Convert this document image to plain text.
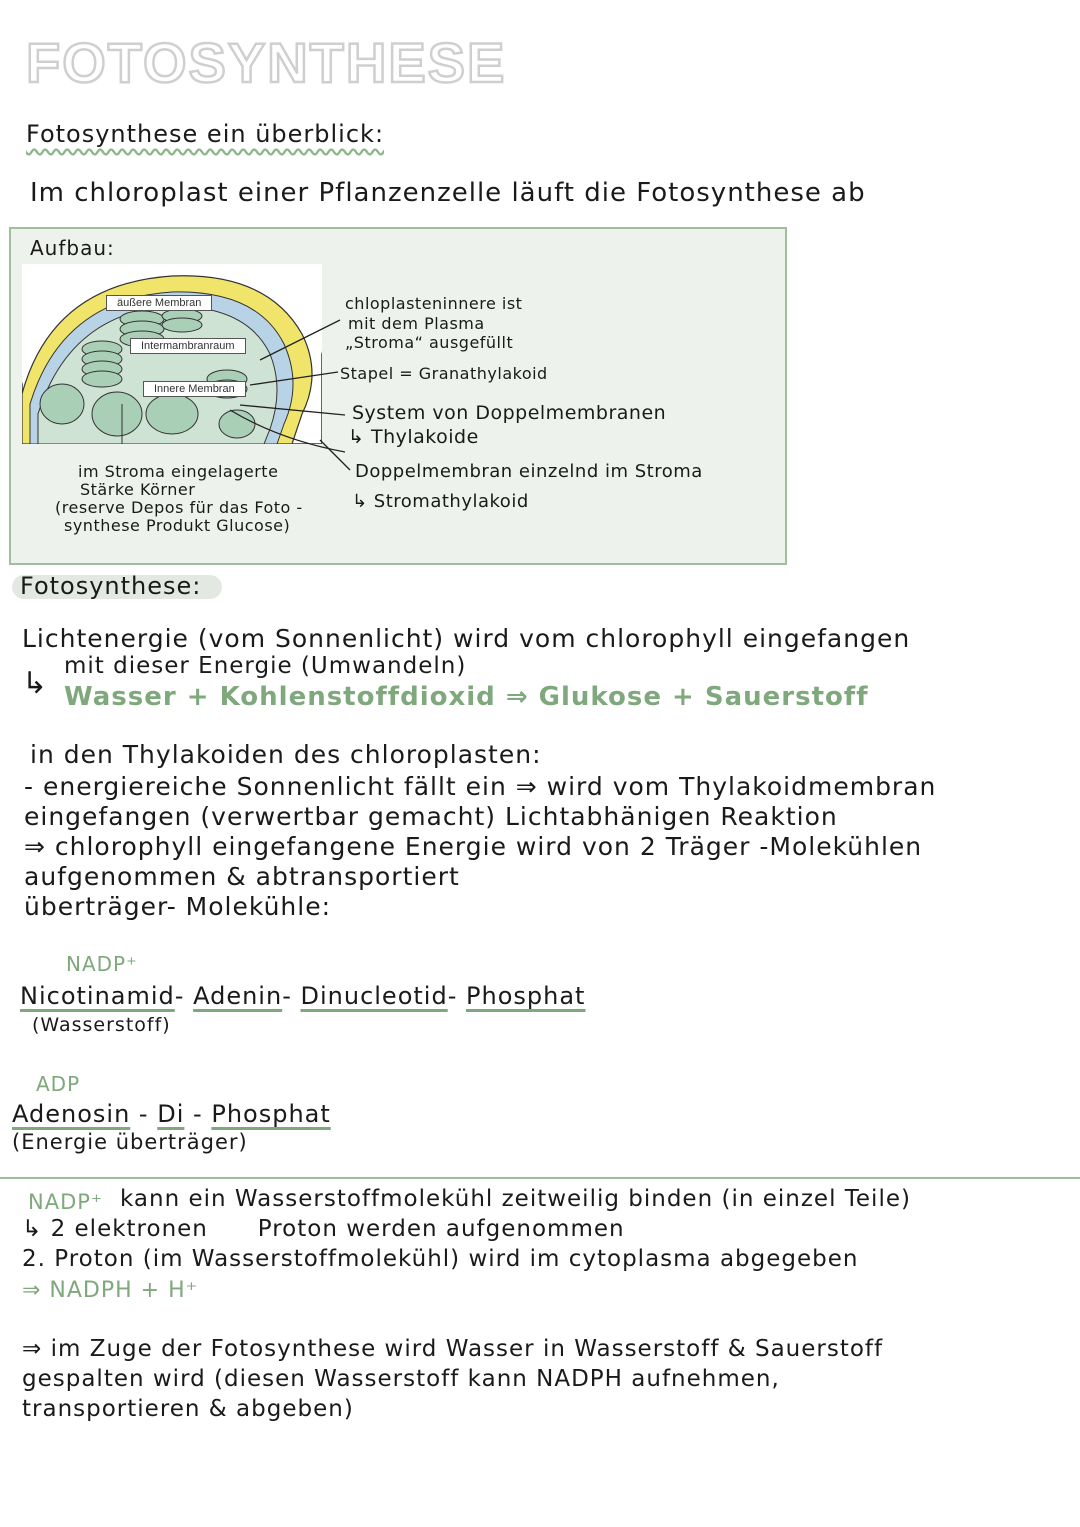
FOTOSYNTHESE
Fotosynthese ein überblick:
Im chloroplast einer Pflanzenzelle läuft die Fotosynthese ab
Aufbau:
äußere Membran
Intermambranraum
Innere Membran
chloplasteninnere ist
mit dem Plasma
„Stroma“ ausgefüllt
Stapel = Granathylakoid
System von Doppelmembranen
↳ Thylakoide
Doppelmembran einzelnd im Stroma
↳ Stromathylakoid
im Stroma eingelagerte
Stärke Körner
(reserve Depos für das Foto -
synthese Produkt Glucose)
Fotosynthese:
Lichtenergie (vom Sonnenlicht) wird vom chlorophyll eingefangen
↳ mit dieser Energie (Umwandeln)
Wasser + Kohlenstoffdioxid ⇒ Glukose + Sauerstoff
in den Thylakoiden des chloroplasten:
- energiereiche Sonnenlicht fällt ein ⇒ wird vom Thylakoidmembran
eingefangen (verwertbar gemacht) Lichtabhänigen Reaktion
⇒ chlorophyll eingefangene Energie wird von 2 Träger -Molekühlen
aufgenommen & abtransportiert
überträger- Molekühle:
NADP⁺
Nicotinamid- Adenin- Dinucleotid- Phosphat
(Wasserstoff)
ADP
Adenosin - Di - Phosphat
(Energie überträger)
NADP⁺ kann ein Wasserstoffmolekühl zeitweilig binden (in einzel Teile)
↳ 2 elektronen      Proton werden aufgenommen
2. Proton (im Wasserstoffmolekühl) wird im cytoplasma abgegeben
⇒ NADPH + H⁺
⇒ im Zuge der Fotosynthese wird Wasser in Wasserstoff & Sauerstoff
gespalten wird (diesen Wasserstoff kann NADPH aufnehmen,
transportieren & abgeben)
